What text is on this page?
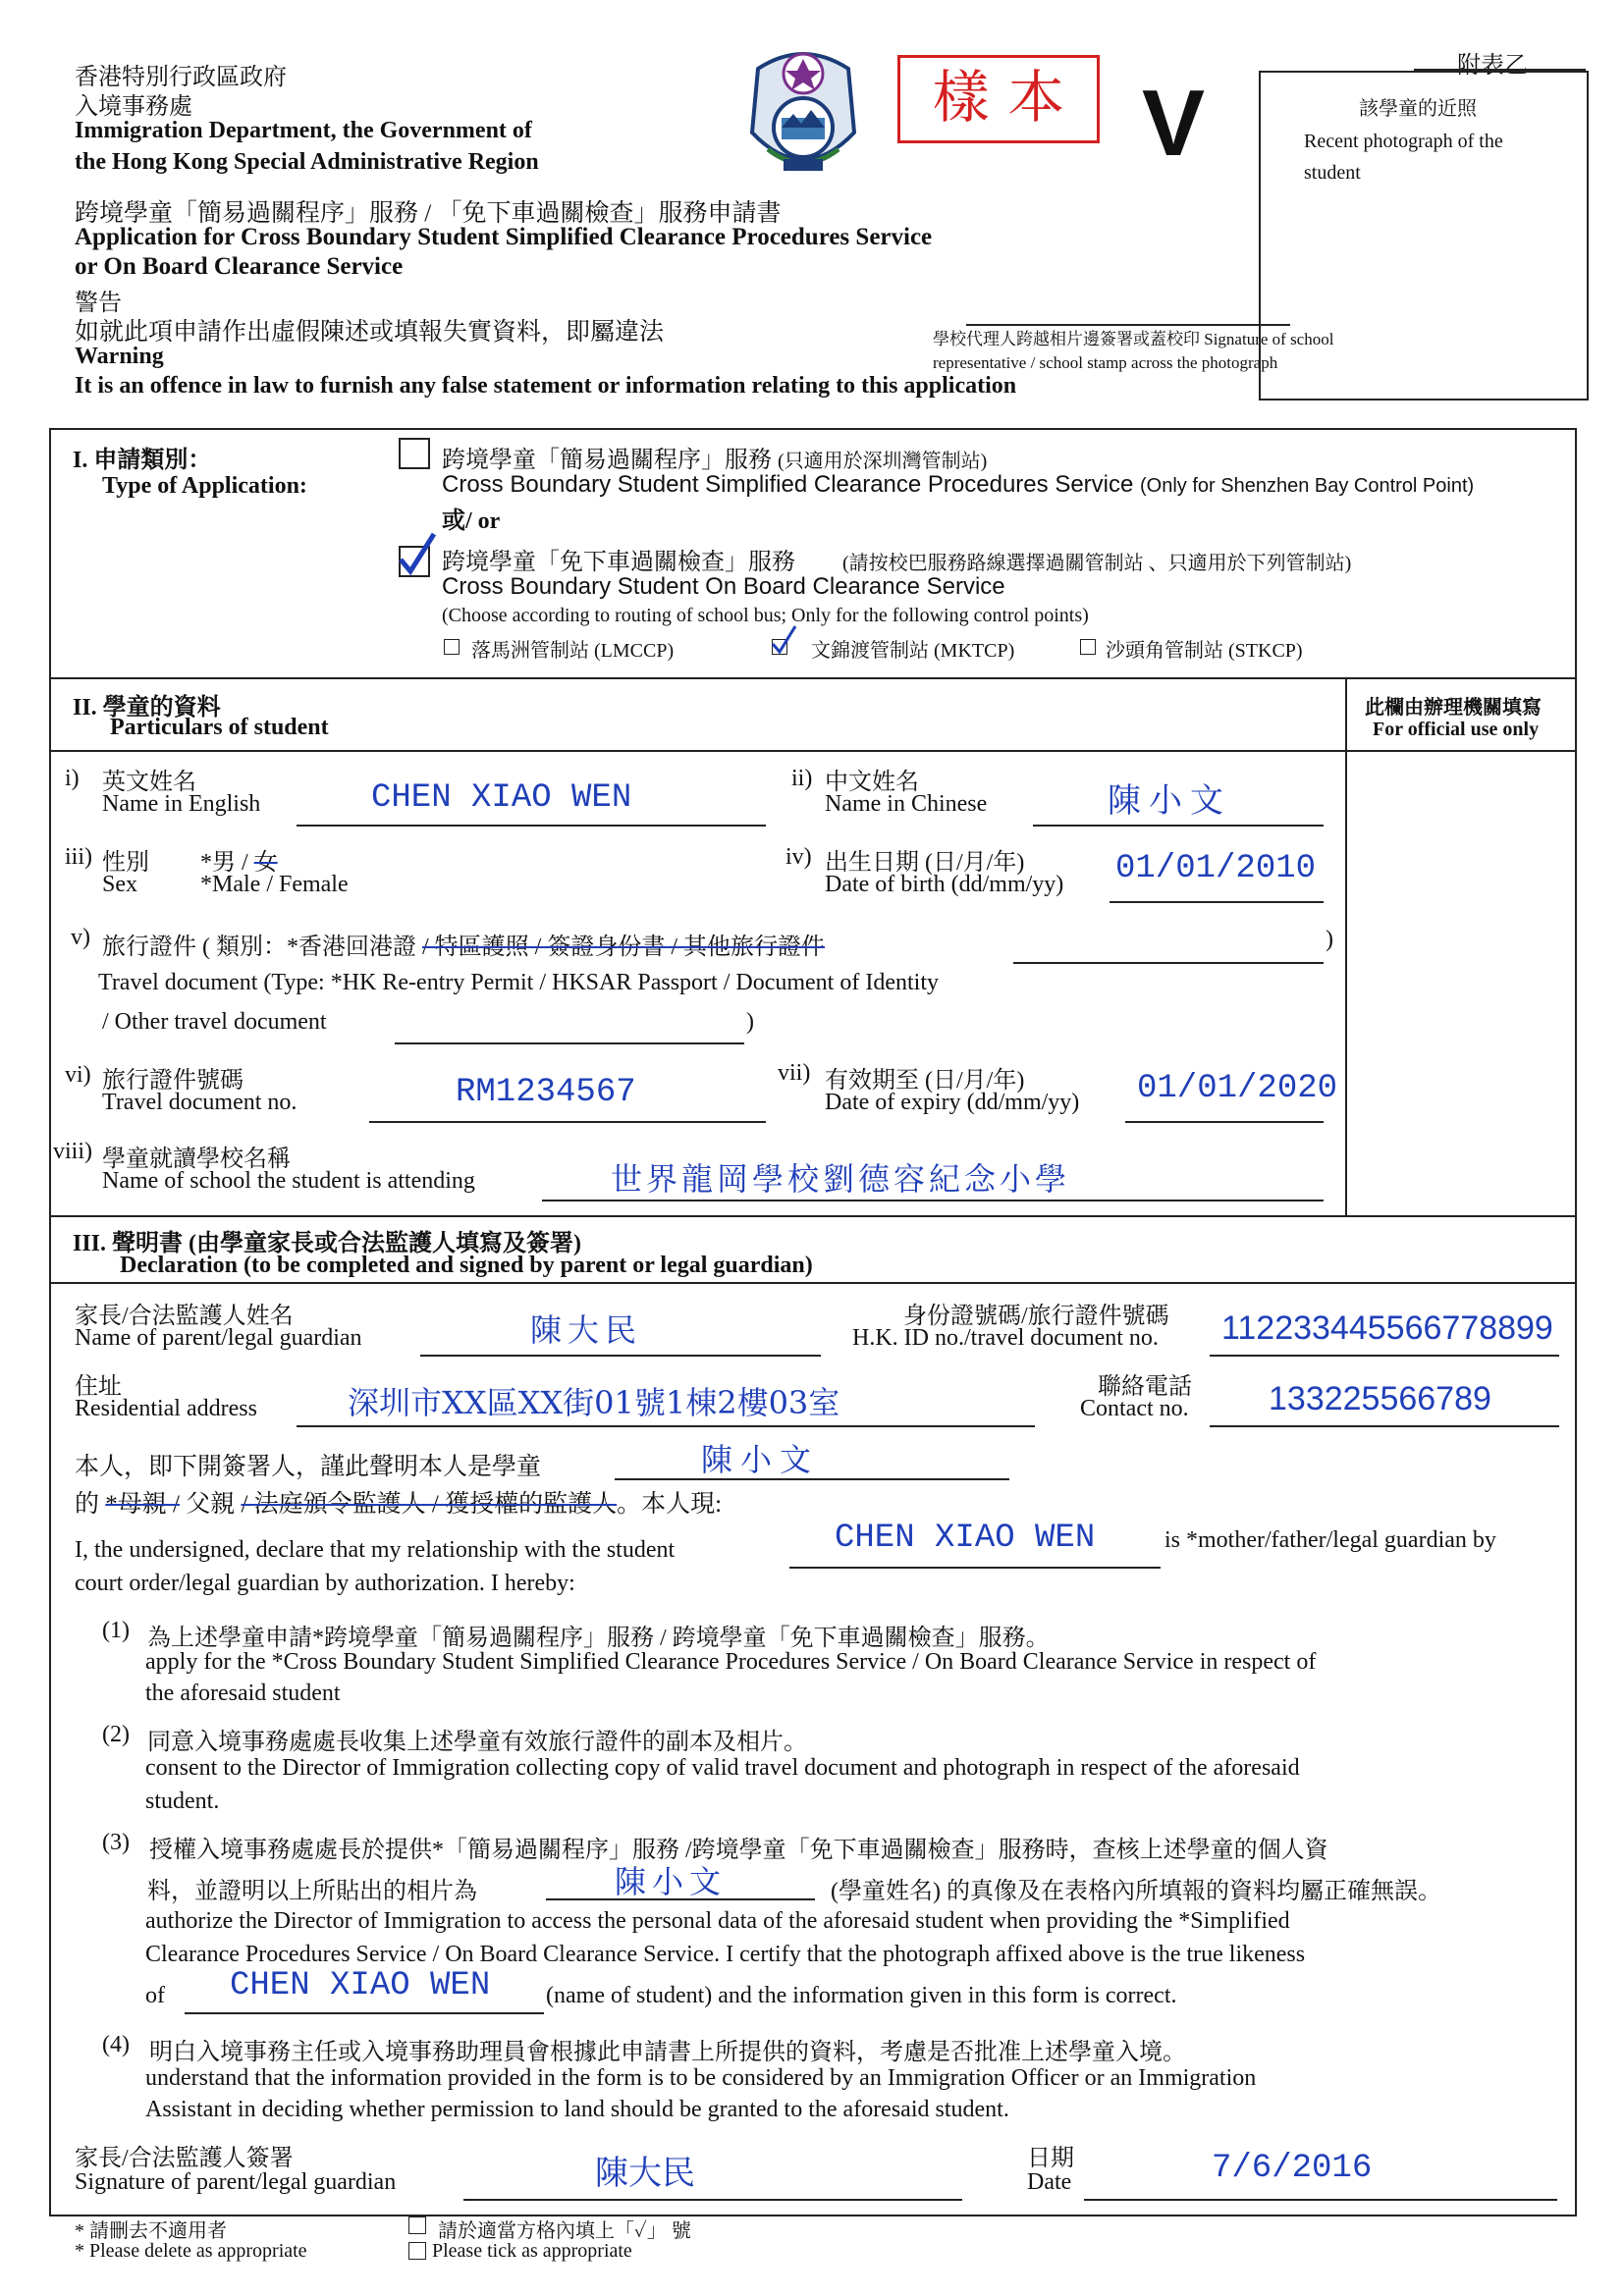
香港特別行政區政府
入境事務處
Immigration Department, the Government of
the Hong Kong Special Administrative Region
跨境學童「簡易過關程序」服務 / 「免下車過關檢查」服務申請書
Application for Cross Boundary Student Simplified Clearance Procedures Service
or On Board Clearance Service
警告
如就此項申請作出虛假陳述或填報失實資料，即屬違法
Warning
It is an offence in law to furnish any false statement or information relating to this application
樣 本 V
附表乙
該學童的近照
Recent photograph of the student
學校代理人跨越相片邊簽署或蓋校印 Signature of school representative / school stamp across the photograph
I. 申請類別：
Type of Application:
跨境學童「簡易過關程序」服務 (只適用於深圳灣管制站)
Cross Boundary Student Simplified Clearance Procedures Service (Only for Shenzhen Bay Control Point)
或/ or
跨境學童「免下車過關檢查」服務　　 (請按校巴服務路線選擇過關管制站 、只適用於下列管制站)
Cross Boundary Student On Board Clearance Service
(Choose according to routing of school bus; Only for the following control points)
落馬洲管制站 (LMCCP)	文錦渡管制站 (MKTCP)	沙頭角管制站 (STKCP)
II. 學童的資料
Particulars of student
此欄由辦理機關填寫
For official use only
i) 英文姓名
Name in English	CHEN XIAO WEN
ii) 中文姓名
Name in Chinese	陳小文
iii) 性別
Sex
*男 / 女
*Male / Female
iv) 出生日期 (日/月/年)
Date of birth (dd/mm/yy) 01/01/2010
v) 旅行證件 ( 類別：*香港回港證 / 特區護照 / 簽證身份書 / 其他旅行證件	)
Travel document (Type: *HK Re-entry Permit / HKSAR Passport / Document of Identity
/ Other travel document	)
vi) 旅行證件號碼
Travel document no.	RM1234567
vii) 有效期至 (日/月/年)
Date of expiry (dd/mm/yy) 01/01/2020
viii) 學童就讀學校名稱
Name of school the student is attending	世界龍岡學校劉德容紀念小學
III. 聲明書 (由學童家長或合法監護人填寫及簽署)
Declaration (to be completed and signed by parent or legal guardian)
家長/合法監護人姓名
Name of parent/legal guardian	陳大民	身份證號碼/旅行證件號碼
H.K. ID no./travel document no. 11223344556677889​9
住址
Residential address	深圳市XX區XX街01號1棟2樓03室	聯絡電話
Contact no. 133225566789
本人，即下開簽署人，謹此聲明本人是學童	陳小文
的 *母親 / 父親 / 法庭頒令監護人 / 獲授權的監護人。本人現:
I, the undersigned, declare that my relationship with the student	CHEN XIAO WEN	is *mother/father/legal guardian by
court order/legal guardian by authorization. I hereby:
(1) 為上述學童申請*跨境學童「簡易過關程序」服務 / 跨境學童「免下車過關檢查」服務。
apply for the *Cross Boundary Student Simplified Clearance Procedures Service / On Board Clearance Service in respect of
the aforesaid student
(2) 同意入境事務處處長收集上述學童有效旅行證件的副本及相片。
consent to the Director of Immigration collecting copy of valid travel document and photograph in respect of the aforesaid
student.
(3) 授權入境事務處處長於提供*「簡易過關程序」服務 /跨境學童「免下車過關檢查」服務時，查核上述學童的個人資
料，並證明以上所貼出的相片為	陳小文	(學童姓名) 的真像及在表格內所填報的資料均屬正確無誤。
authorize the Director of Immigration to access the personal data of the aforesaid student when providing the *Simplified
Clearance Procedures Service / On Board Clearance Service. I certify that the photograph affixed above is the true likeness
of CHEN XIAO WEN (name of student) and the information given in this form is correct.
(4) 明白入境事務主任或入境事務助理員會根據此申請書上所提供的資料，考慮是否批准上述學童入境。
understand that the information provided in the form is to be considered by an Immigration Officer or an Immigration
Assistant in deciding whether permission to land should be granted to the aforesaid student.
家長/合法監護人簽署
Signature of parent/legal guardian	陳大民	日期
Date	7/6/2016
* 請刪去不適用者
* Please delete as appropriate
請於適當方格內填上「✓」 號
Please tick as appropriate
